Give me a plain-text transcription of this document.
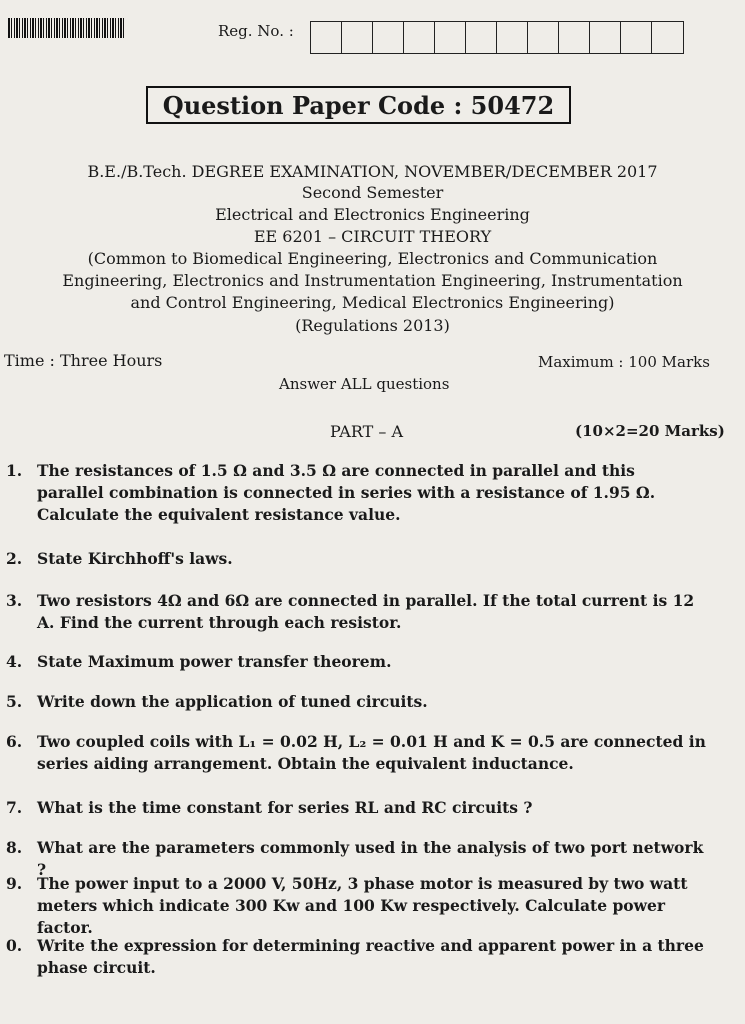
Reg. No. :
Question Paper Code : 50472
B.E./B.Tech. DEGREE EXAMINATION, NOVEMBER/DECEMBER 2017
Second Semester
Electrical and Electronics Engineering
EE 6201 – CIRCUIT THEORY
(Common to Biomedical Engineering, Electronics and Communication
Engineering, Electronics and Instrumentation Engineering, Instrumentation
and Control Engineering, Medical Electronics Engineering)
(Regulations 2013)
Time : Three Hours	Maximum : 100 Marks
Answer ALL questions
PART – A	(10×2=20 Marks)
1. The resistances of 1.5 Ω and 3.5 Ω are connected in parallel and this parallel combination is connected in series with a resistance of 1.95 Ω. Calculate the equivalent resistance value.
2. State Kirchhoff's laws.
3. Two resistors 4Ω and 6Ω are connected in parallel. If the total current is 12 A. Find the current through each resistor.
4. State Maximum power transfer theorem.
5. Write down the application of tuned circuits.
6. Two coupled coils with L₁ = 0.02 H, L₂ = 0.01 H and K = 0.5 are connected in series aiding arrangement. Obtain the equivalent inductance.
7. What is the time constant for series RL and RC circuits ?
8. What are the parameters commonly used in the analysis of two port network ?
9. The power input to a 2000 V, 50Hz, 3 phase motor is measured by two watt meters which indicate 300 Kw and 100 Kw respectively. Calculate power factor.
0. Write the expression for determining reactive and apparent power in a three phase circuit.
